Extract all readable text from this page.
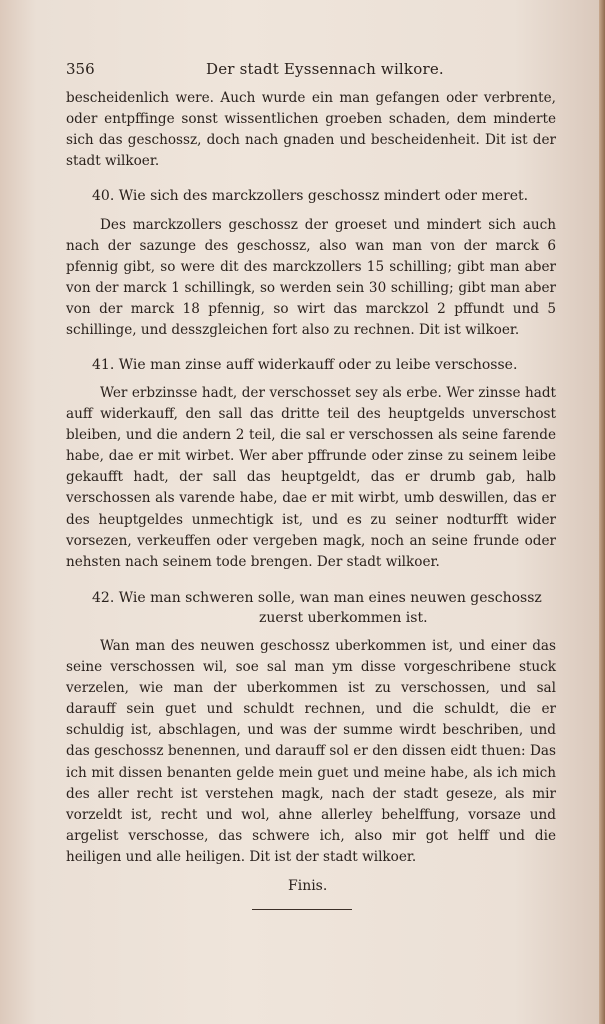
356	Der stadt Eyssennach wilkore.

bescheidenlich were. Auch wurde ein man gefangen oder verbrente, oder entpffinge sonst wissentlichen groeben schaden, dem minderte sich das geschossz, doch nach gnaden und bescheidenheit. Dit ist der stadt wilkoer.

40. Wie sich des marckzollers geschossz mindert oder meret.

Des marckzollers geschossz der groeset und mindert sich auch nach der sazunge des geschossz, also wan man von der marck 6 pfennig gibt, so were dit des marckzollers 15 schilling; gibt man aber von der marck 1 schillingk, so werden sein 30 schilling; gibt man aber von der marck 18 pfennig, so wirt das marckzol 2 pffundt und 5 schillinge, und desszgleichen fort also zu rechnen. Dit ist wilkoer.

41. Wie man zinse auff widerkauff oder zu leibe verschosse.

Wer erbzinsse hadt, der verschosset sey als erbe. Wer zinsse hadt auff widerkauff, den sall das dritte teil des heuptgelds unverschost bleiben, und die andern 2 teil, die sal er verschossen als seine farende habe, dae er mit wirbet. Wer aber pffrunde oder zinse zu seinem leibe gekaufft hadt, der sall das heuptgeldt, das er drumb gab, halb verschossen als varende habe, dae er mit wirbt, umb deswillen, das er des heuptgeldes unmechtigk ist, und es zu seiner nodturfft wider vorsezen, verkeuffen oder vergeben magk, noch an seine frunde oder nehsten nach seinem tode brengen. Der stadt wilkoer.

42. Wie man schweren solle, wan man eines neuwen geschossz
zuerst uberkommen ist.

Wan man des neuwen geschossz uberkommen ist, und einer das seine verschossen wil, soe sal man ym disse vorgeschribene stuck verzelen, wie man der uberkommen ist zu verschossen, und sal darauff sein guet und schuldt rechnen, und die schuldt, die er schuldig ist, abschlagen, und was der summe wirdt beschriben, und das geschossz benennen, und darauff sol er den dissen eidt thuen: Das ich mit dissen benanten gelde mein guet und meine habe, als ich mich des aller recht ist verstehen magk, nach der stadt geseze, als mir vorzeldt ist, recht und wol, ahne allerley behelffung, vorsaze und argelist verschosse, das schwere ich, also mir got helff und die heiligen und alle heiligen. Dit ist der stadt wilkoer.

Finis.
